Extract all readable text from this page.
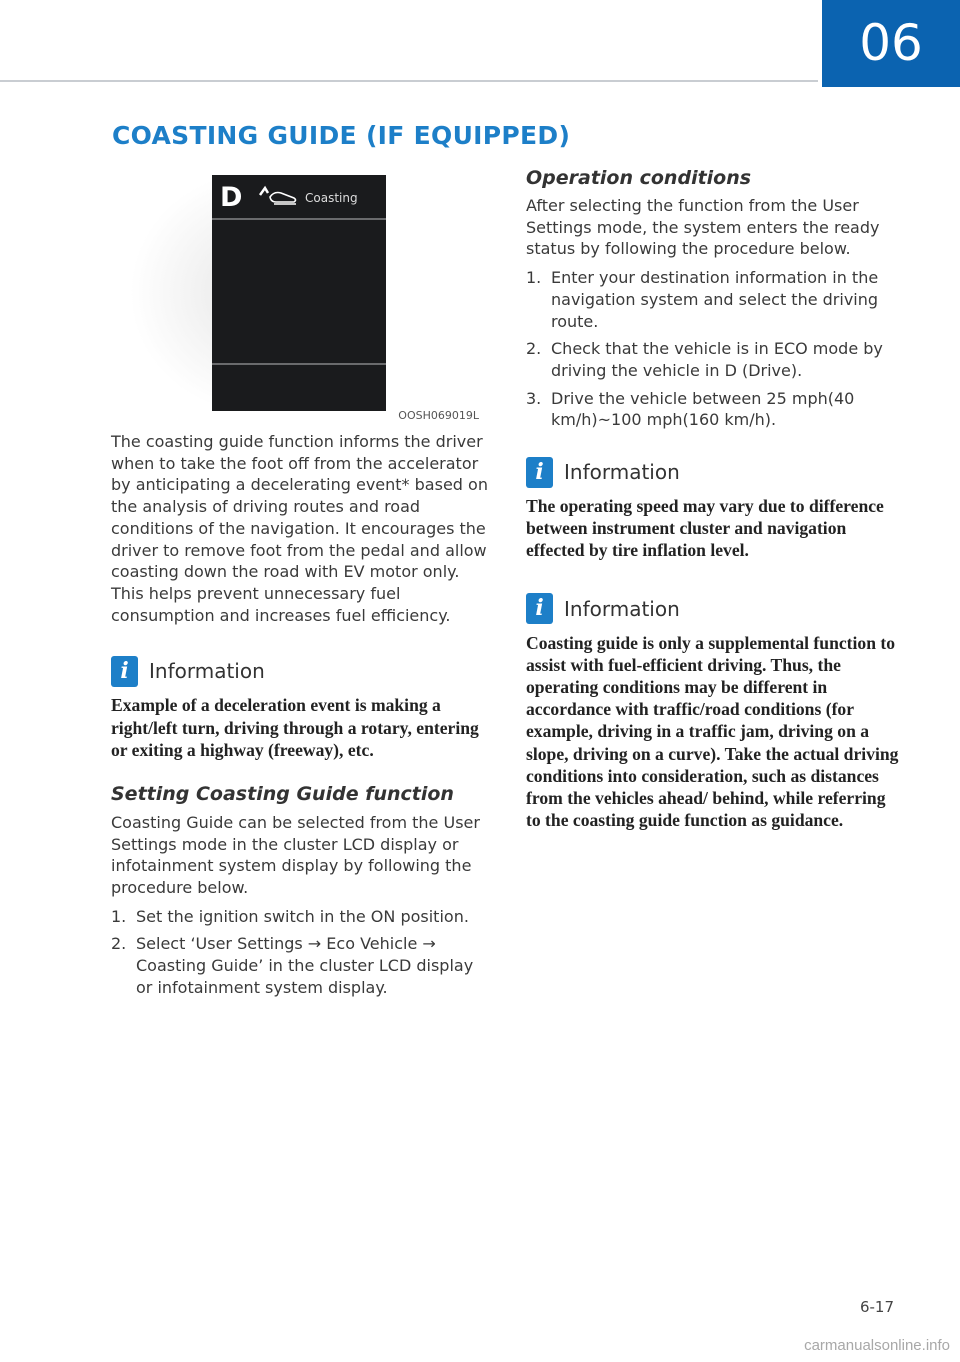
06
COASTING GUIDE (IF EQUIPPED)
D	Coasting
OOSH069019L

The coasting guide function informs the driver when to take the foot off from the accelerator by anticipating a decelerating event* based on the analysis of driving routes and road conditions of the navigation. It encourages the driver to remove foot from the pedal and allow coasting down the road with EV motor only. This helps prevent unnecessary fuel consumption and increases fuel efficiency.

i	Information

Example of a deceleration event is making a right/left turn, driving through a rotary, entering or exiting a highway (freeway), etc.

Setting Coasting Guide function

Coasting Guide can be selected from the User Settings mode in the cluster LCD display or infotainment system display by following the procedure below.

1. Set the ignition switch in the ON position.
2. Select ‘User Settings → Eco Vehicle → Coasting Guide’ in the cluster LCD display or infotainment system display.
Operation conditions

After selecting the function from the User Settings mode, the system enters the ready status by following the procedure below.

1. Enter your destination information in the navigation system and select the driving route.
2. Check that the vehicle is in ECO mode by driving the vehicle in D (Drive).
3. Drive the vehicle between 25 mph(40 km/h)~100 mph(160 km/h).
i	Information

The operating speed may vary due to difference between instrument cluster and navigation effected by tire inflation level.

i	Information

Coasting guide is only a supplemental function to assist with fuel-efficient driving. Thus, the operating conditions may be different in accordance with traffic/road conditions (for example, driving in a traffic jam, driving on a slope, driving on a curve). Take the actual driving conditions into consideration, such as distances from the vehicles ahead/ behind, while referring to the coasting guide function as guidance.

6-17
carmanualsonline.info
